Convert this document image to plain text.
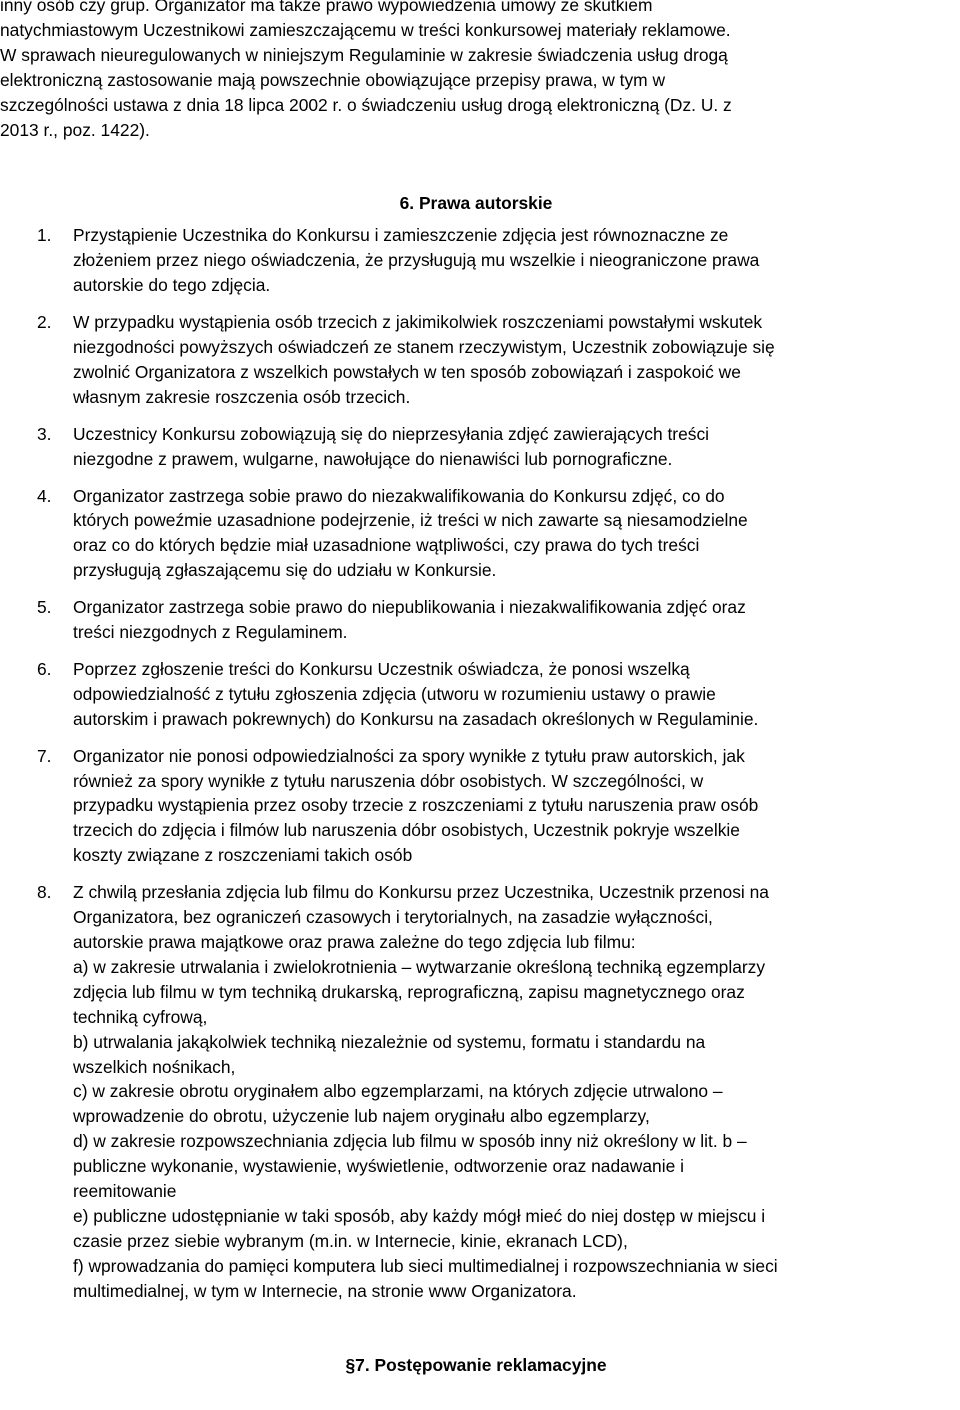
inny osób czy grup. Organizator ma także prawo wypowiedzenia umowy ze skutkiem
natychmiastowym Uczestnikowi zamieszczającemu w treści konkursowej materiały reklamowe.

W sprawach nieuregulowanych w niniejszym Regulaminie w zakresie świadczenia usług drogą
elektroniczną zastosowanie mają powszechnie obowiązujące przepisy prawa, w tym w
szczególności ustawa z dnia 18 lipca 2002 r. o świadczeniu usług drogą elektroniczną (Dz. U. z
2013 r., poz. 1422).

6. Prawa autorskie

1.	Przystąpienie Uczestnika do Konkursu i zamieszczenie zdjęcia jest równoznaczne ze
złożeniem przez niego oświadczenia, że przysługują mu wszelkie i nieograniczone prawa
autorskie do tego zdjęcia.
2.	W przypadku wystąpienia osób trzecich z jakimikolwiek roszczeniami powstałymi wskutek
niezgodności powyższych oświadczeń ze stanem rzeczywistym, Uczestnik zobowiązuje się
zwolnić Organizatora z wszelkich powstałych w ten sposób zobowiązań i zaspokoić we
własnym zakresie roszczenia osób trzecich.
3.	Uczestnicy Konkursu zobowiązują się do nieprzesyłania zdjęć zawierających treści
niezgodne z prawem, wulgarne, nawołujące do nienawiści lub pornograficzne.
4.	Organizator zastrzega sobie prawo do niezakwalifikowania do Konkursu zdjęć, co do
których poweźmie uzasadnione podejrzenie, iż treści w nich zawarte są niesamodzielne
oraz co do których będzie miał uzasadnione wątpliwości, czy prawa do tych treści
przysługują zgłaszającemu się do udziału w Konkursie.
5.	Organizator zastrzega sobie prawo do niepublikowania i niezakwalifikowania zdjęć oraz
treści niezgodnych z Regulaminem.
6.	Poprzez zgłoszenie treści do Konkursu Uczestnik oświadcza, że ponosi wszelką
odpowiedzialność z tytułu zgłoszenia zdjęcia (utworu w rozumieniu ustawy o prawie
autorskim i prawach pokrewnych) do Konkursu na zasadach określonych w Regulaminie.
7.	Organizator nie ponosi odpowiedzialności za spory wynikłe z tytułu praw autorskich, jak
również za spory wynikłe z tytułu naruszenia dóbr osobistych. W szczególności, w
przypadku wystąpienia przez osoby trzecie z roszczeniami z tytułu naruszenia praw osób
trzecich do zdjęcia i filmów lub naruszenia dóbr osobistych, Uczestnik pokryje wszelkie
koszty związane z roszczeniami takich osób
8.	Z chwilą przesłania zdjęcia lub filmu do Konkursu przez Uczestnika, Uczestnik przenosi na
Organizatora, bez ograniczeń czasowych i terytorialnych, na zasadzie wyłączności,
autorskie prawa majątkowe oraz prawa zależne do tego zdjęcia lub filmu:
a) w zakresie utrwalania i zwielokrotnienia – wytwarzanie określoną techniką egzemplarzy
zdjęcia lub filmu w tym techniką drukarską, reprograficzną, zapisu magnetycznego oraz
techniką cyfrową,
b) utrwalania jakąkolwiek techniką niezależnie od systemu, formatu i standardu na
wszelkich nośnikach,
c) w zakresie obrotu oryginałem albo egzemplarzami, na których zdjęcie utrwalono –
wprowadzenie do obrotu, użyczenie lub najem oryginału albo egzemplarzy,
d) w zakresie rozpowszechniania zdjęcia lub filmu w sposób inny niż określony w lit. b –
publiczne wykonanie, wystawienie, wyświetlenie, odtworzenie oraz nadawanie i
reemitowanie
e) publiczne udostępnianie w taki sposób, aby każdy mógł mieć do niej dostęp w miejscu i
czasie przez siebie wybranym (m.in. w Internecie, kinie, ekranach LCD),
f) wprowadzania do pamięci komputera lub sieci multimedialnej i rozpowszechniania w sieci
multimedialnej, w tym w Internecie, na stronie www Organizatora.

§7. Postępowanie reklamacyjne
